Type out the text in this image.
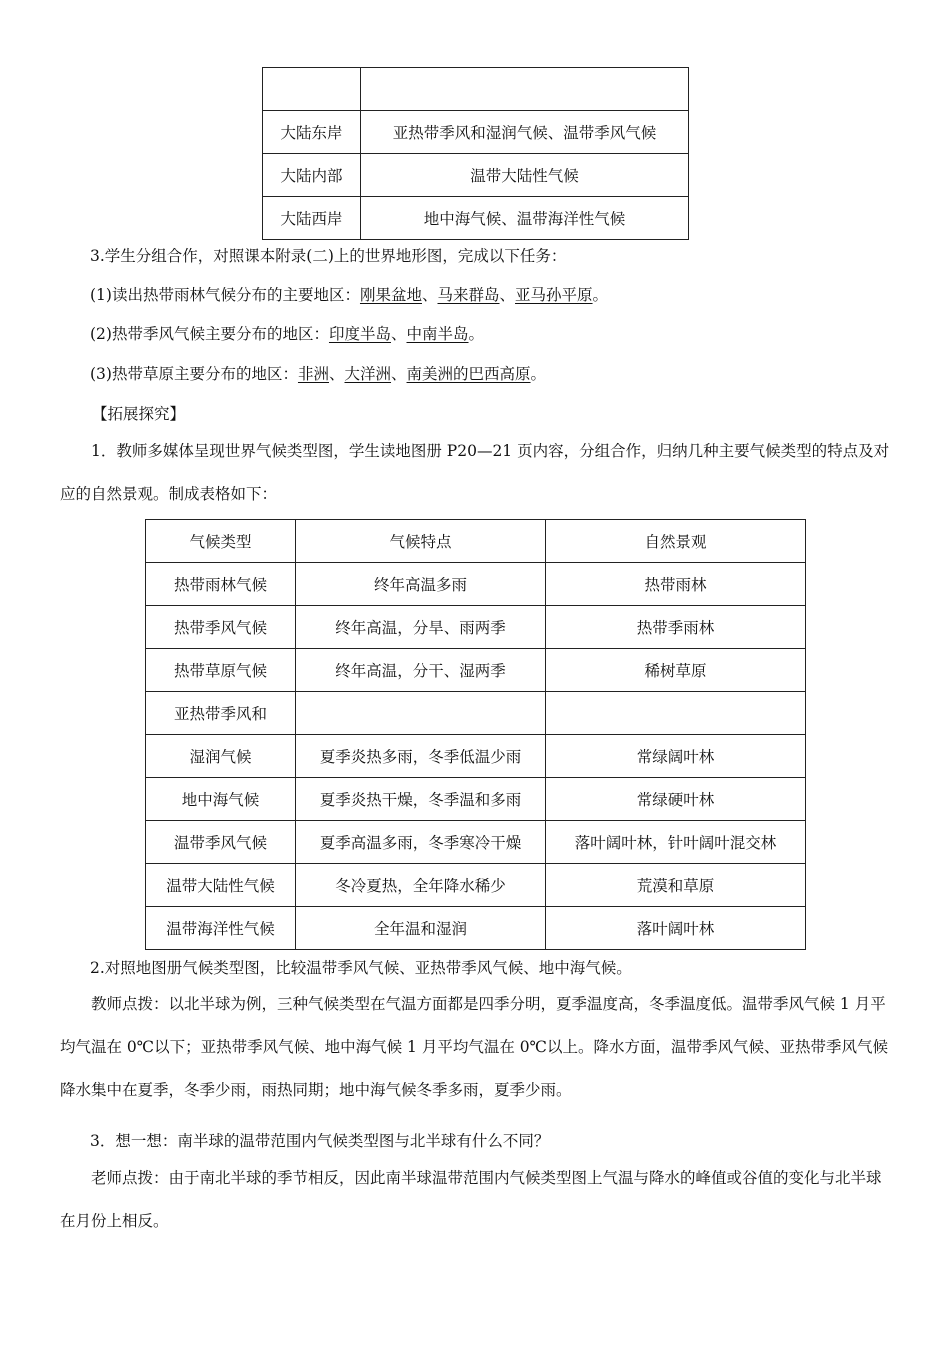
大陆东岸	亚热带季风和湿润气候、温带季风气候
大陆内部	温带大陆性气候
大陆西岸	地中海气候、温带海洋性气候
3.学生分组合作，对照课本附录(二)上的世界地形图，完成以下任务：
(1)读出热带雨林气候分布的主要地区：刚果盆地、马来群岛、亚马孙平原。
(2)热带季风气候主要分布的地区：印度半岛、中南半岛。
(3)热带草原主要分布的地区：非洲、大洋洲、南美洲的巴西高原。
【拓展探究】
1．教师多媒体呈现世界气候类型图，学生读地图册 P20—21 页内容，分组合作，归纳几种主要气候类型的特点及对应的自然景观。制成表格如下：
气候类型	气候特点	自然景观
热带雨林气候	终年高温多雨	热带雨林
热带季风气候	终年高温，分旱、雨两季	热带季雨林
热带草原气候	终年高温，分干、湿两季	稀树草原
亚热带季风和		
湿润气候	夏季炎热多雨，冬季低温少雨	常绿阔叶林
地中海气候	夏季炎热干燥，冬季温和多雨	常绿硬叶林
温带季风气候	夏季高温多雨，冬季寒冷干燥	落叶阔叶林，针叶阔叶混交林
温带大陆性气候	冬冷夏热，全年降水稀少	荒漠和草原
温带海洋性气候	全年温和湿润	落叶阔叶林
2.对照地图册气候类型图，比较温带季风气候、亚热带季风气候、地中海气候。
教师点拨：以北半球为例，三种气候类型在气温方面都是四季分明，夏季温度高，冬季温度低。温带季风气候 1 月平均气温在 0℃以下；亚热带季风气候、地中海气候 1 月平均气温在 0℃以上。降水方面，温带季风气候、亚热带季风气候降水集中在夏季，冬季少雨，雨热同期；地中海气候冬季多雨，夏季少雨。
3．想一想：南半球的温带范围内气候类型图与北半球有什么不同？
老师点拨：由于南北半球的季节相反，因此南半球温带范围内气候类型图上气温与降水的峰值或谷值的变化与北半球在月份上相反。
